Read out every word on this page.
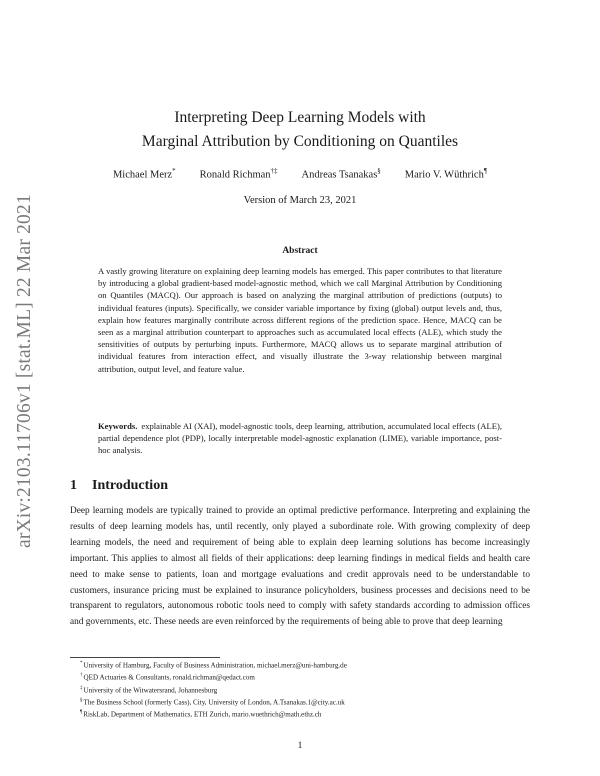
arXiv:2103.11706v1 [stat.ML] 22 Mar 2021
Interpreting Deep Learning Models with
Marginal Attribution by Conditioning on Quantiles
Michael Merz* Ronald Richman†‡ Andreas Tsanakas§ Mario V. Wüthrich¶
Version of March 23, 2021
Abstract
A vastly growing literature on explaining deep learning models has emerged. This paper contributes to that literature by introducing a global gradient-based model-agnostic method, which we call Marginal Attribution by Conditioning on Quantiles (MACQ). Our approach is based on analyzing the marginal attribution of predictions (outputs) to individual features (inputs). Specifically, we consider variable importance by fixing (global) output levels and, thus, explain how features marginally contribute across different regions of the prediction space. Hence, MACQ can be seen as a marginal attribution counterpart to approaches such as accumulated local effects (ALE), which study the sensitivities of outputs by perturbing inputs. Furthermore, MACQ allows us to separate marginal attribution of individual features from interaction effect, and visually illustrate the 3-way relationship between marginal attribution, output level, and feature value.
Keywords. explainable AI (XAI), model-agnostic tools, deep learning, attribution, accumulated local effects (ALE), partial dependence plot (PDP), locally interpretable model-agnostic explanation (LIME), variable importance, post-hoc analysis.
1 Introduction
Deep learning models are typically trained to provide an optimal predictive performance. Interpreting and explaining the results of deep learning models has, until recently, only played a subordinate role. With growing complexity of deep learning models, the need and requirement of being able to explain deep learning solutions has become increasingly important. This applies to almost all fields of their applications: deep learning findings in medical fields and health care need to make sense to patients, loan and mortgage evaluations and credit approvals need to be understandable to customers, insurance pricing must be explained to insurance policyholders, business processes and decisions need to be transparent to regulators, autonomous robotic tools need to comply with safety standards according to admission offices and governments, etc. These needs are even reinforced by the requirements of being able to prove that deep learning
*University of Hamburg, Faculty of Business Administration, michael.merz@uni-hamburg.de
†QED Actuaries & Consultants, ronald.richman@qedact.com
‡University of the Witwatersrand, Johannesburg
§The Business School (formerly Cass), City, University of London, A.Tsanakas.1@city.ac.uk
¶RiskLab, Department of Mathematics, ETH Zurich, mario.wuethrich@math.ethz.ch
1
